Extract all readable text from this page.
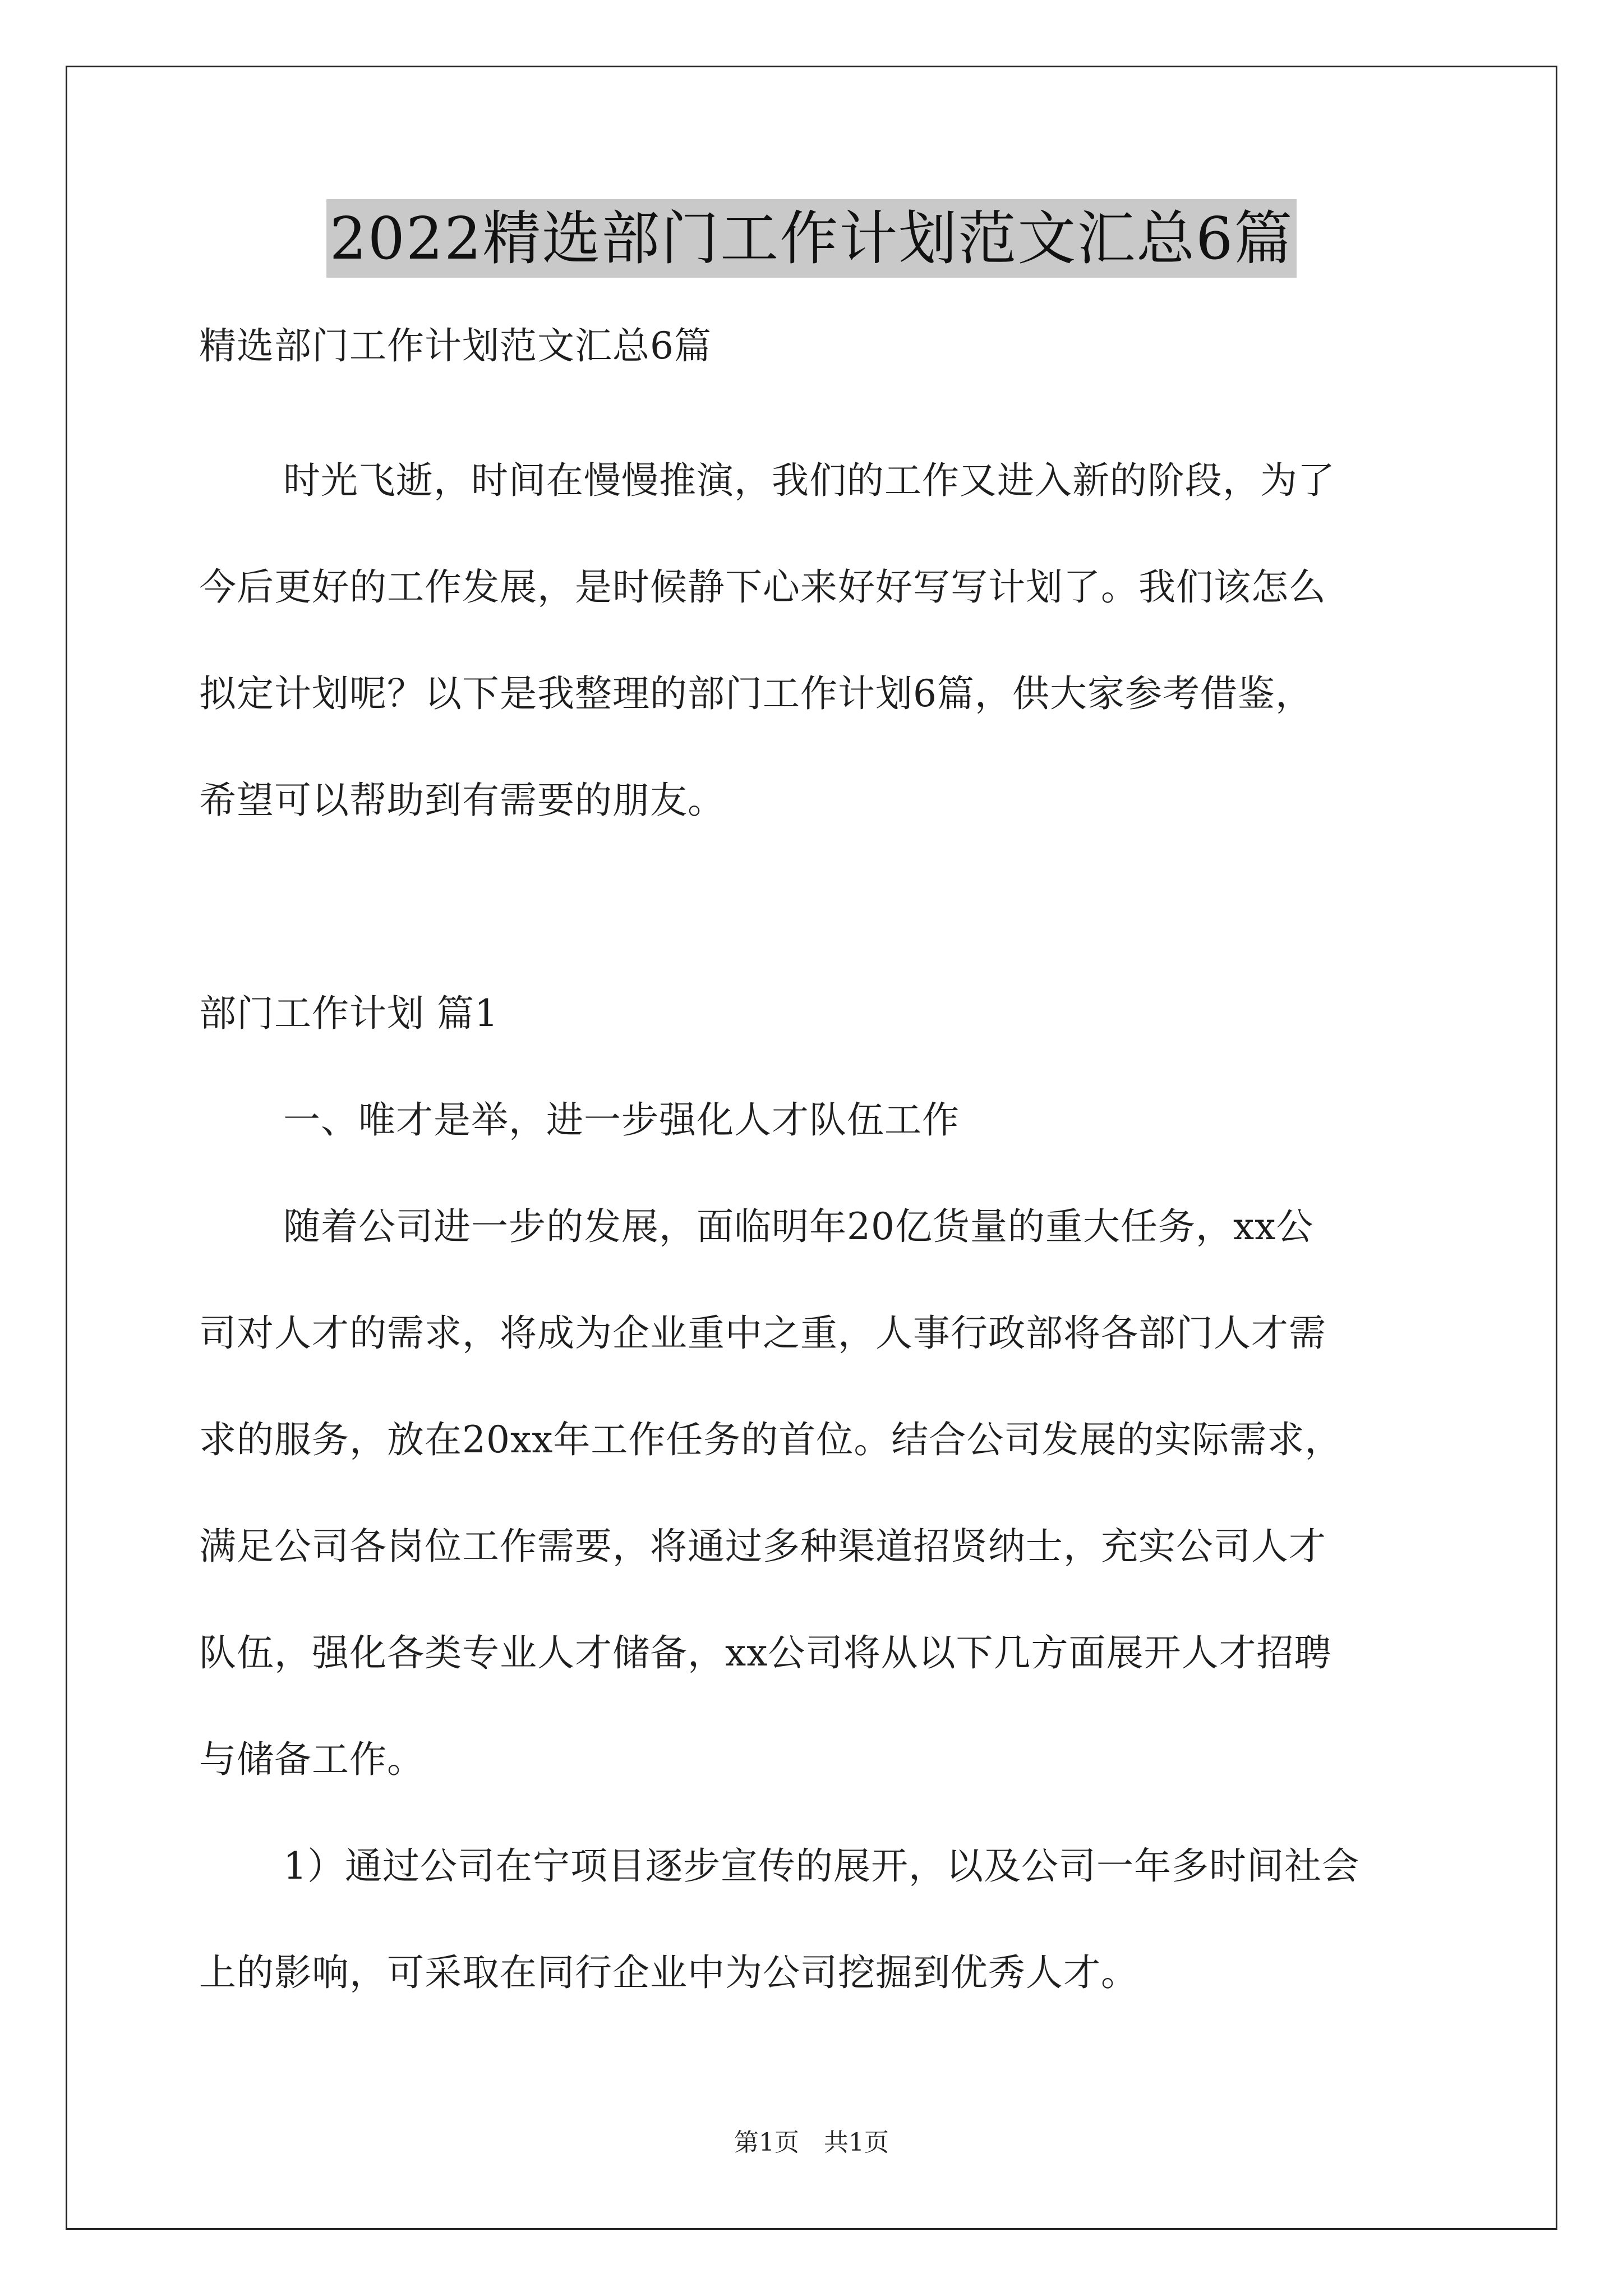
2022精选部门工作计划范文汇总6篇
精选部门工作计划范文汇总6篇
时光飞逝，时间在慢慢推演，我们的工作又进入新的阶段，为了
今后更好的工作发展，是时候静下心来好好写写计划了。我们该怎么
拟定计划呢？以下是我整理的部门工作计划6篇，供大家参考借鉴，
希望可以帮助到有需要的朋友。
部门工作计划 篇1
一、唯才是举，进一步强化人才队伍工作
随着公司进一步的发展，面临明年20亿货量的重大任务，xx公
司对人才的需求，将成为企业重中之重，人事行政部将各部门人才需
求的服务，放在20xx年工作任务的首位。结合公司发展的实际需求，
满足公司各岗位工作需要，将通过多种渠道招贤纳士，充实公司人才
队伍，强化各类专业人才储备，xx公司将从以下几方面展开人才招聘
与储备工作。
1）通过公司在宁项目逐步宣传的展开，以及公司一年多时间社会
上的影响，可采取在同行企业中为公司挖掘到优秀人才。
第1页　共1页
